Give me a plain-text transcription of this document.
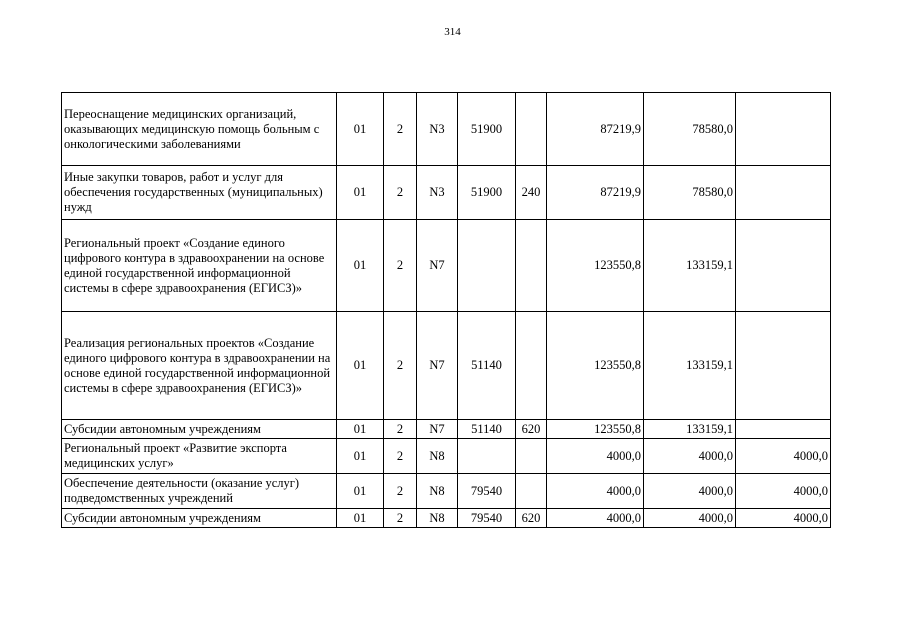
314
Переоснащение медицинских организаций, оказывающих медицинскую помощь больным с онкологическими заболеваниями	01	2	N3	51900		87219,9	78580,0	
Иные закупки товаров, работ и услуг для обеспечения государственных (муниципальных) нужд	01	2	N3	51900	240	87219,9	78580,0	
Региональный проект «Создание единого цифрового контура в здравоохранении на основе единой государственной информационной системы в сфере здравоохранения (ЕГИСЗ)»	01	2	N7			123550,8	133159,1	
Реализация региональных проектов «Создание единого цифрового контура в здравоохранении на основе единой государственной информационной системы в сфере здравоохранения (ЕГИСЗ)»	01	2	N7	51140		123550,8	133159,1	
Субсидии автономным учреждениям	01	2	N7	51140	620	123550,8	133159,1	
Региональный проект «Развитие экспорта медицинских услуг»	01	2	N8			4000,0	4000,0	4000,0
Обеспечение деятельности (оказание услуг) подведомственных учреждений	01	2	N8	79540		4000,0	4000,0	4000,0
Субсидии автономным учреждениям	01	2	N8	79540	620	4000,0	4000,0	4000,0
